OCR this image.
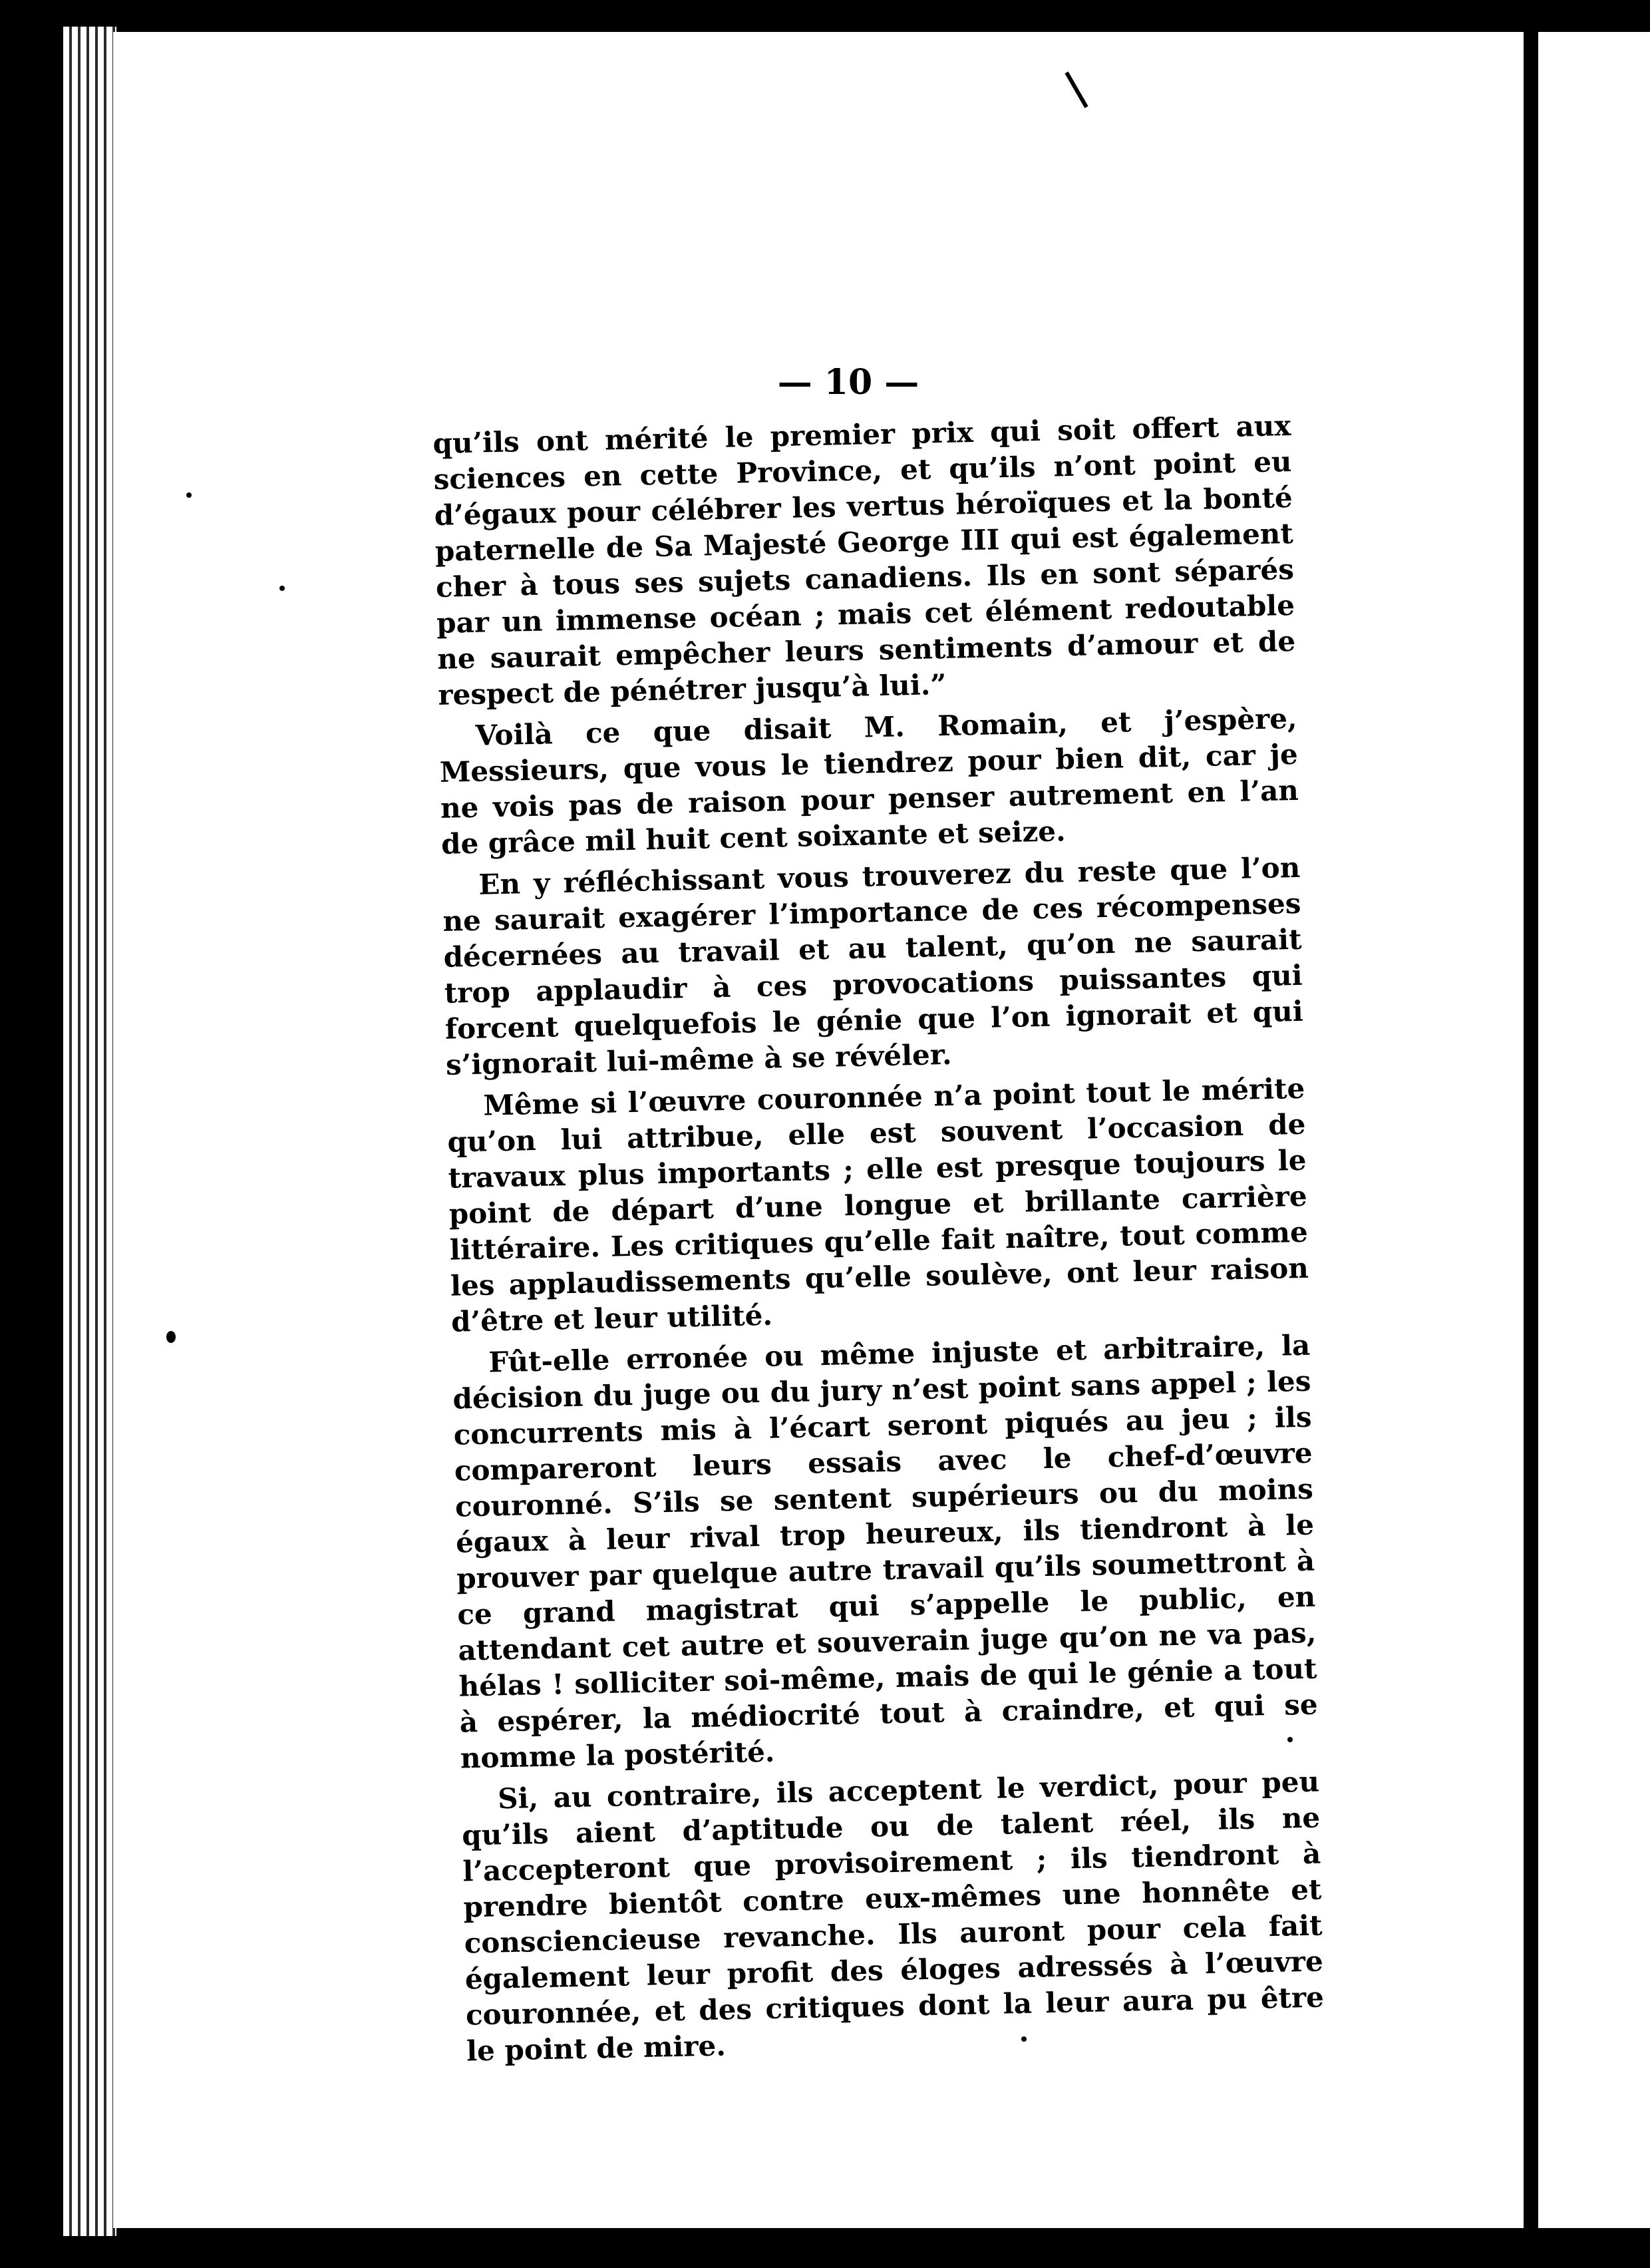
— 10 —

qu’ils ont mérité le premier prix qui soit offert aux sciences en cette Province, et qu’ils n’ont point eu d’égaux pour célébrer les vertus héroïques et la bonté paternelle de Sa Majesté George III qui est également cher à tous ses sujets canadiens. Ils en sont séparés par un immense océan ; mais cet élément redoutable ne saurait empêcher leurs sentiments d’amour et de respect de pénétrer jusqu’à lui.”

Voilà ce que disait M. Romain, et j’espère, Messieurs, que vous le tiendrez pour bien dit, car je ne vois pas de raison pour penser autrement en l’an de grâce mil huit cent soixante et seize.

En y réfléchissant vous trouverez du reste que l’on ne saurait exagérer l’importance de ces récompenses décernées au travail et au talent, qu’on ne saurait trop applaudir à ces provocations puissantes qui forcent quelquefois le génie que l’on ignorait et qui s’ignorait lui-même à se révéler.

Même si l’œuvre couronnée n’a point tout le mérite qu’on lui attribue, elle est souvent l’occasion de travaux plus importants ; elle est presque toujours le point de départ d’une longue et brillante carrière littéraire. Les critiques qu’elle fait naître, tout comme les applaudissements qu’elle soulève, ont leur raison d’être et leur utilité.

Fût-elle erronée ou même injuste et arbitraire, la décision du juge ou du jury n’est point sans appel ; les concurrents mis à l’écart seront piqués au jeu ; ils compareront leurs essais avec le chef-d’œuvre couronné. S’ils se sentent supérieurs ou du moins égaux à leur rival trop heureux, ils tiendront à le prouver par quelque autre travail qu’ils soumettront à ce grand magistrat qui s’appelle le public, en attendant cet autre et souverain juge qu’on ne va pas, hélas ! solliciter soi-même, mais de qui le génie a tout à espérer, la médiocrité tout à craindre, et qui se nomme la postérité.

Si, au contraire, ils acceptent le verdict, pour peu qu’ils aient d’aptitude ou de talent réel, ils ne l’accepteront que provisoirement ; ils tiendront à prendre bientôt contre eux-mêmes une honnête et consciencieuse revanche. Ils auront pour cela fait également leur profit des éloges adressés à l’œuvre couronnée, et des critiques dont la leur aura pu être le point de mire.
